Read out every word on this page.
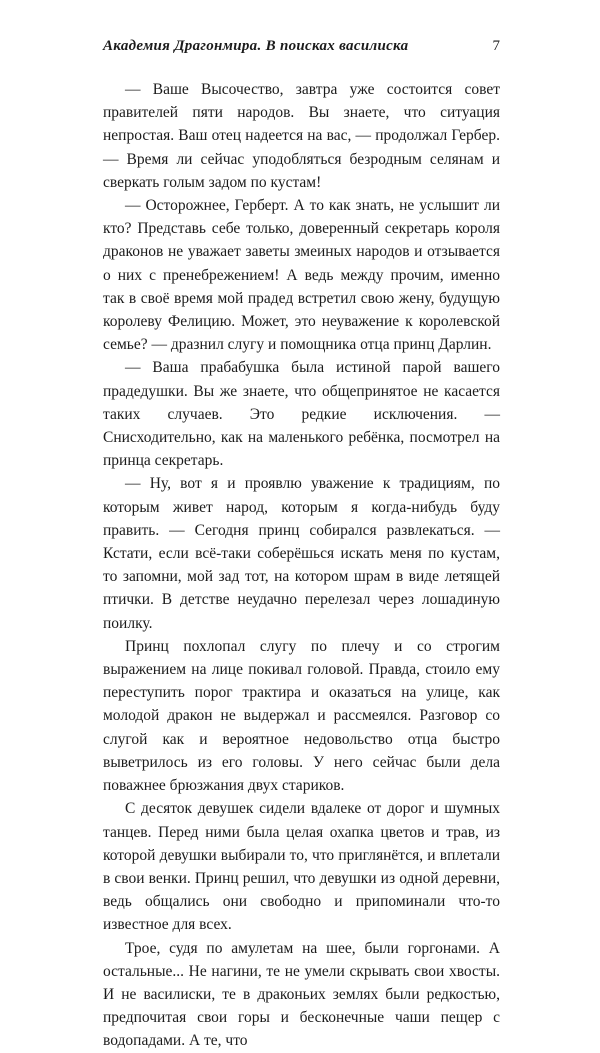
Академия Драгонмира. В поисках василиска	7

— Ваше Высочество, завтра уже состоится совет правителей пяти народов. Вы знаете, что ситуация непростая. Ваш отец надеется на вас, — продолжал Гербер. — Время ли сейчас уподобляться безродным селянам и сверкать голым задом по кустам!

— Осторожнее, Герберт. А то как знать, не услышит ли кто? Представь себе только, доверенный секретарь короля драконов не уважает заветы змеиных народов и отзывается о них с пренебрежением! А ведь между прочим, именно так в своё время мой прадед встретил свою жену, будущую королеву Фелицию. Может, это неуважение к королевской семье? — дразнил слугу и помощника отца принц Дарлин.

— Ваша прабабушка была истиной парой вашего прадедушки. Вы же знаете, что общепринятое не касается таких случаев. Это редкие исключения. — Снисходительно, как на маленького ребёнка, посмотрел на принца секретарь.

— Ну, вот я и проявлю уважение к традициям, по которым живет народ, которым я когда-нибудь буду править. — Сегодня принц собирался развлекаться. — Кстати, если всё-таки соберёшься искать меня по кустам, то запомни, мой зад тот, на котором шрам в виде летящей птички. В детстве неудачно перелезал через лошадиную поилку.

Принц похлопал слугу по плечу и со строгим выражением на лице покивал головой. Правда, стоило ему переступить порог трактира и оказаться на улице, как молодой дракон не выдержал и рассмеялся. Разговор со слугой как и вероятное недовольство отца быстро выветрилось из его головы. У него сейчас были дела поважнее брюзжания двух стариков.

С десяток девушек сидели вдалеке от дорог и шумных танцев. Перед ними была целая охапка цветов и трав, из которой девушки выбирали то, что приглянётся, и вплетали в свои венки. Принц решил, что девушки из одной деревни, ведь общались они свободно и припоминали что-то известное для всех.

Трое, судя по амулетам на шее, были горгонами. А остальные... Не нагини, те не умели скрывать свои хвосты. И не василиски, те в драконьих землях были редкостью, предпочитая свои горы и бесконечные чаши пещер с водопадами. А те, что
